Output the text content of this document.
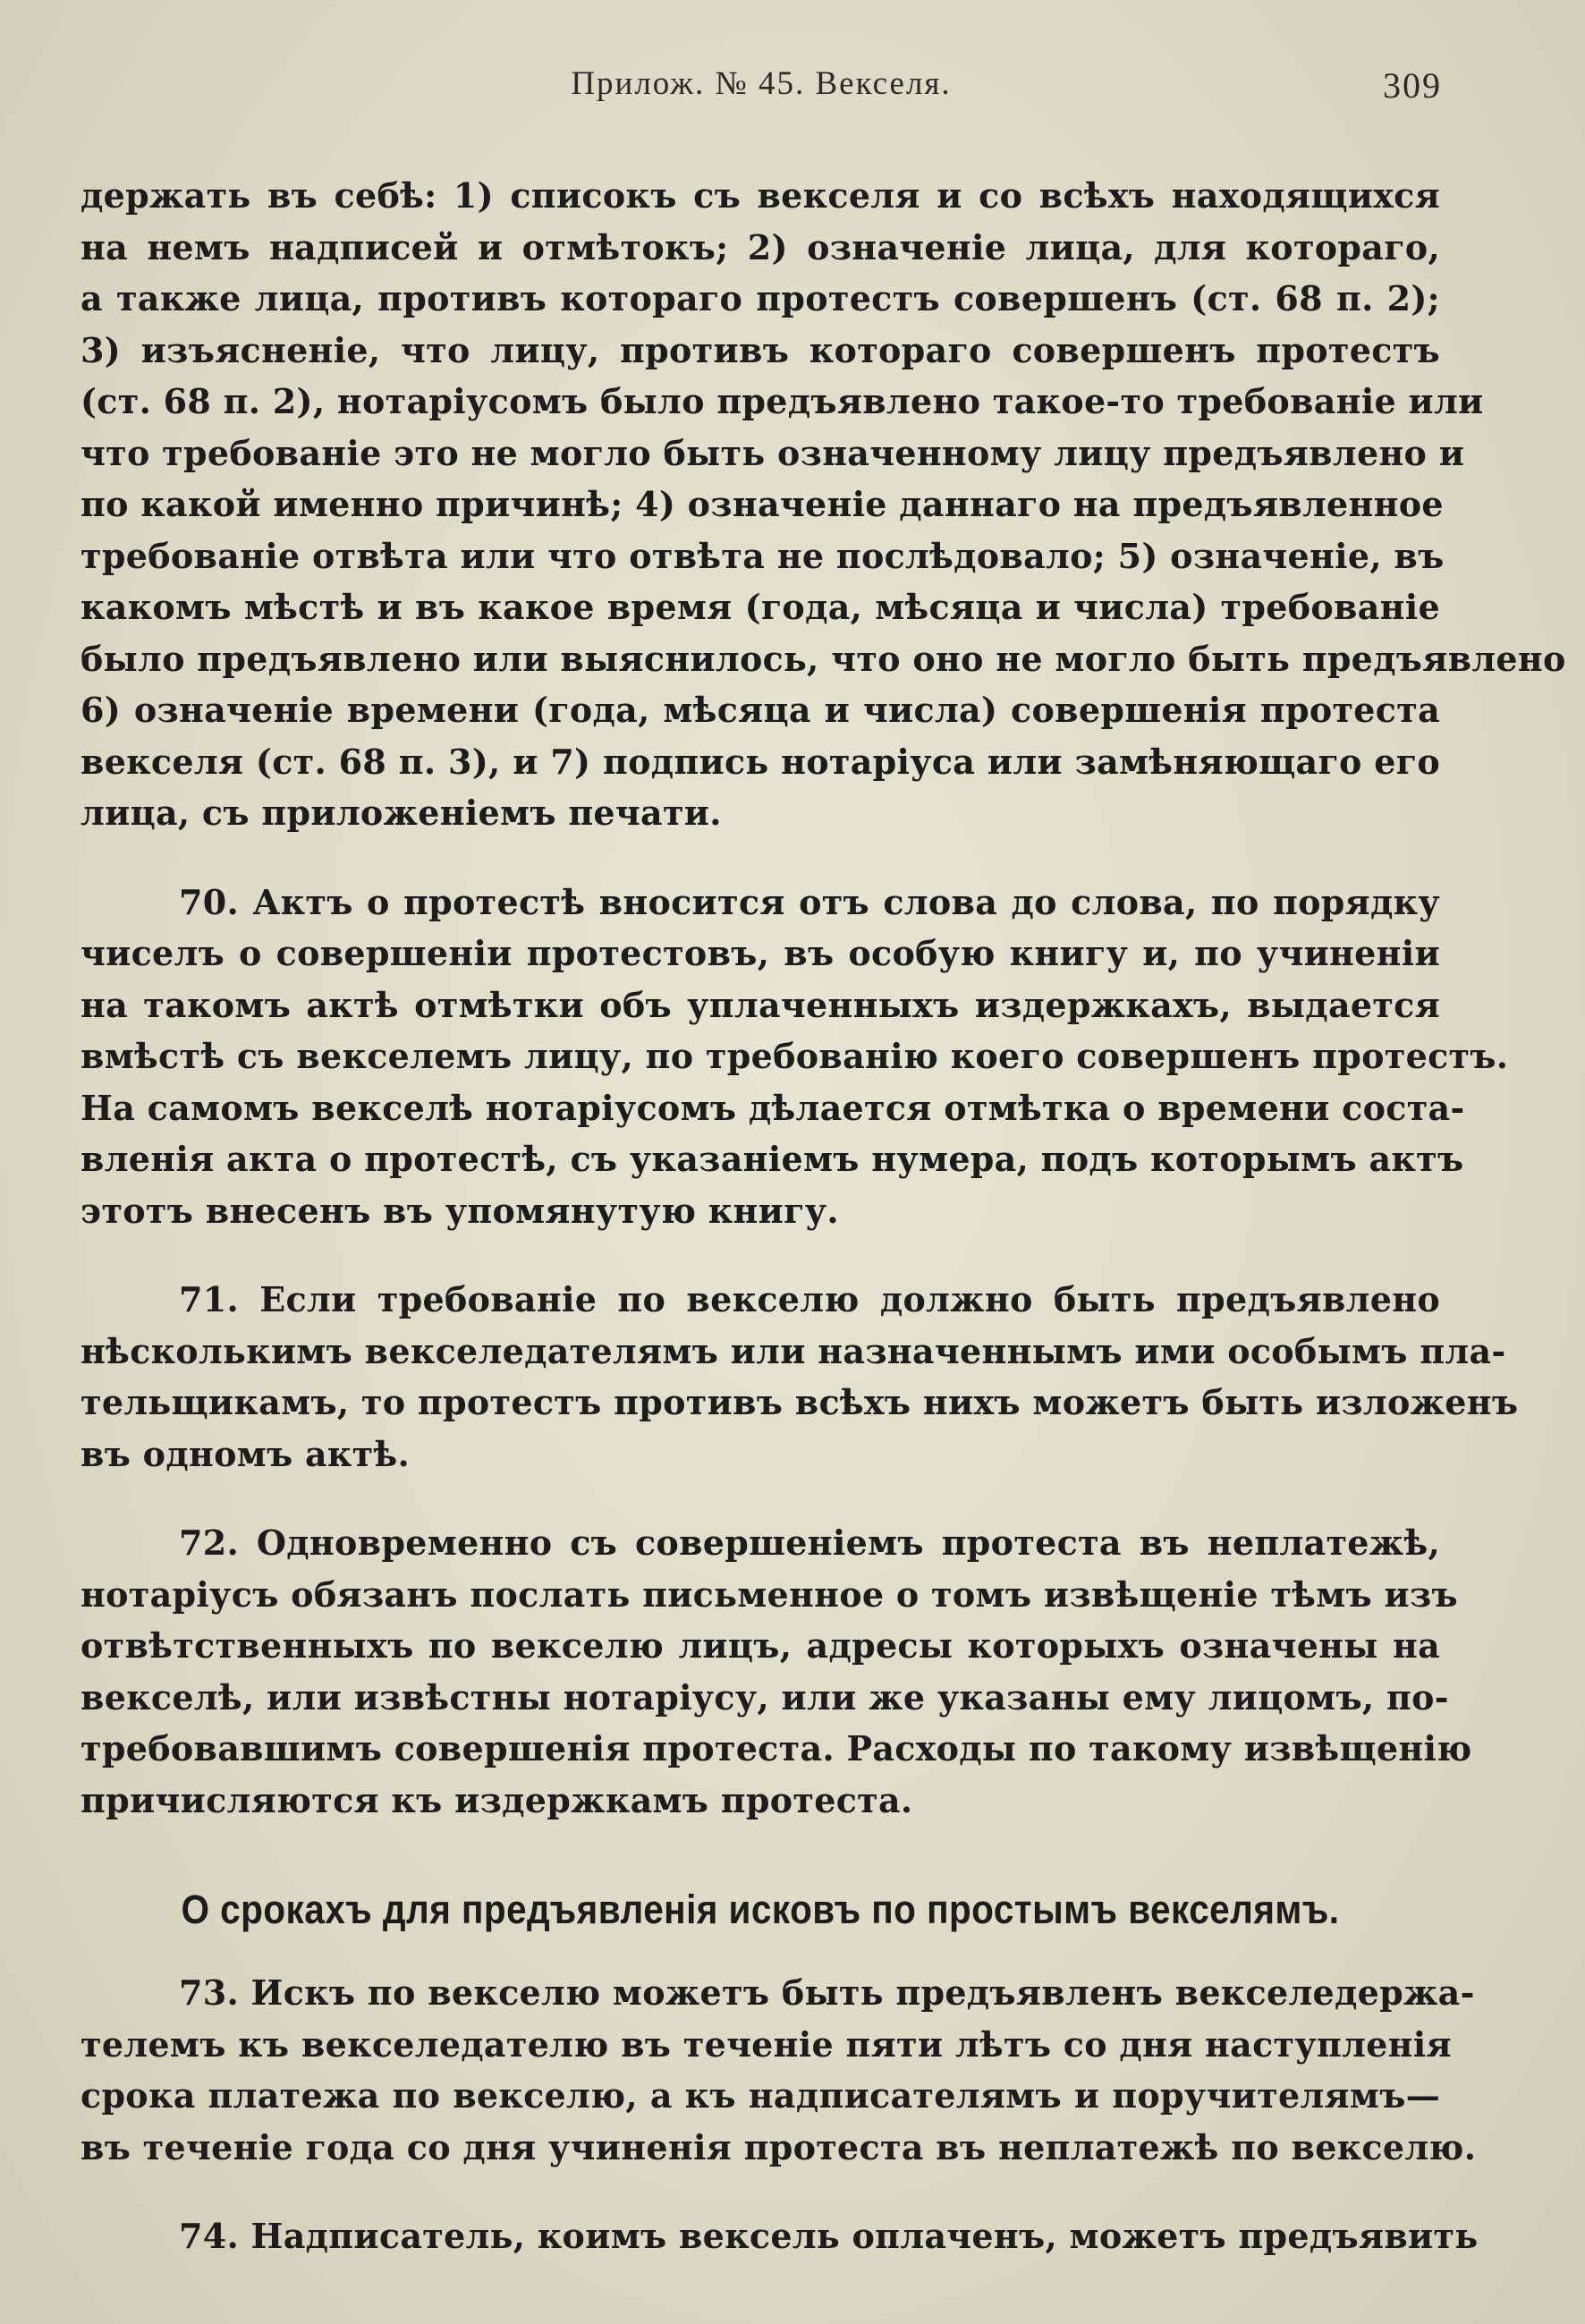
Прилож. № 45. Векселя.	309
держать въ себѣ: 1) списокъ съ векселя и со всѣхъ находящихся
на немъ надписей и отмѣтокъ; 2) означеніе лица, для котораго,
а также лица, противъ котораго протестъ совершенъ (ст. 68 п. 2);
3) изъясненіе, что лицу, противъ котораго совершенъ протестъ
(ст. 68 п. 2), нотаріусомъ было предъявлено такое-то требованіе или
что требованіе это не могло быть означенному лицу предъявлено и
по какой именно причинѣ; 4) означеніе даннаго на предъявленное
требованіе отвѣта или что отвѣта не послѣдовало; 5) означеніе, въ
какомъ мѣстѣ и въ какое время (года, мѣсяца и числа) требованіе
было предъявлено или выяснилось, что оно не могло быть предъявлено
6) означеніе времени (года, мѣсяца и числа) совершенія протеста
векселя (ст. 68 п. 3), и 7) подпись нотаріуса или замѣняющаго его
лица, съ приложеніемъ печати.
70. Актъ о протестѣ вносится отъ слова до слова, по порядку
чиселъ о совершеніи протестовъ, въ особую книгу и, по учиненіи
на такомъ актѣ отмѣтки объ уплаченныхъ издержкахъ, выдается
вмѣстѣ съ векселемъ лицу, по требованію коего совершенъ протестъ.
На самомъ векселѣ нотаріусомъ дѣлается отмѣтка о времени соста-
вленія акта о протестѣ, съ указаніемъ нумера, подъ которымъ актъ
этотъ внесенъ въ упомянутую книгу.
71. Если требованіе по векселю должно быть предъявлено
нѣсколькимъ векселедателямъ или назначеннымъ ими особымъ пла-
тельщикамъ, то протестъ противъ всѣхъ нихъ можетъ быть изложенъ
въ одномъ актѣ.
72. Одновременно съ совершеніемъ протеста въ неплатежѣ,
нотаріусъ обязанъ послать письменное о томъ извѣщеніе тѣмъ изъ
отвѣтственныхъ по векселю лицъ, адресы которыхъ означены на
векселѣ, или извѣстны нотаріусу, или же указаны ему лицомъ, по-
требовавшимъ совершенія протеста. Расходы по такому извѣщенію
причисляются къ издержкамъ протеста.
О срокахъ для предъявленія исковъ по простымъ векселямъ.
73. Искъ по векселю можетъ быть предъявленъ векселедержа-
телемъ къ векселедателю въ теченіе пяти лѣтъ со дня наступленія
срока платежа по векселю, а къ надписателямъ и поручителямъ—
въ теченіе года со дня учиненія протеста въ неплатежѣ по векселю.
74. Надписатель, коимъ вексель оплаченъ, можетъ предъявить
